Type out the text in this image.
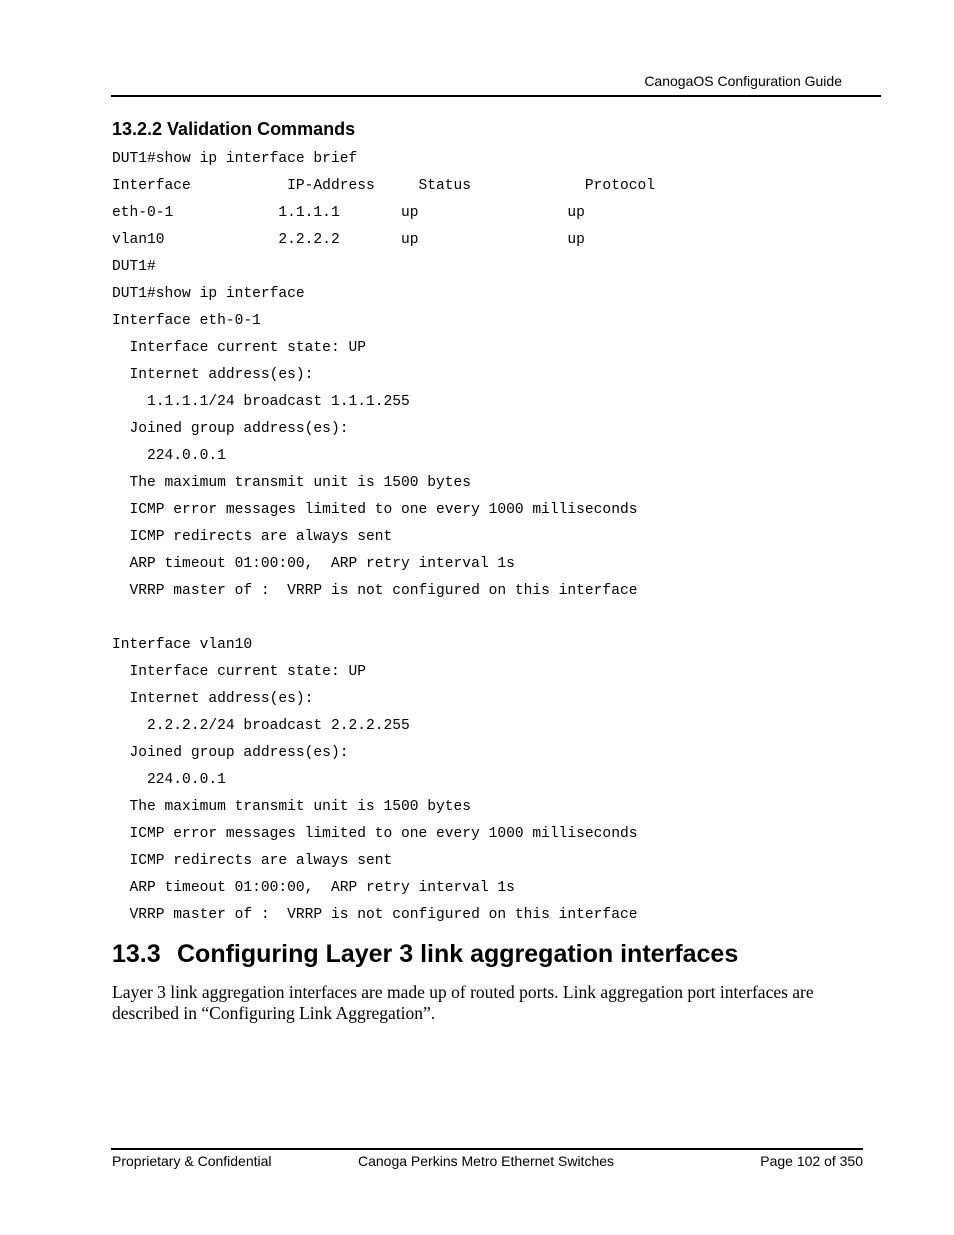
CanogaOS Configuration Guide
13.2.2 Validation Commands
DUT1#show ip interface brief
Interface           IP-Address     Status             Protocol
eth-0-1            1.1.1.1       up                 up
vlan10             2.2.2.2       up                 up
DUT1#
DUT1#show ip interface
Interface eth-0-1
Interface current state: UP
Internet address(es):
1.1.1.1/24 broadcast 1.1.1.255
Joined group address(es):
224.0.0.1
The maximum transmit unit is 1500 bytes
ICMP error messages limited to one every 1000 milliseconds
ICMP redirects are always sent
ARP timeout 01:00:00,  ARP retry interval 1s
VRRP master of :  VRRP is not configured on this interface
Interface vlan10
Interface current state: UP
Internet address(es):
2.2.2.2/24 broadcast 2.2.2.255
Joined group address(es):
224.0.0.1
The maximum transmit unit is 1500 bytes
ICMP error messages limited to one every 1000 milliseconds
ICMP redirects are always sent
ARP timeout 01:00:00,  ARP retry interval 1s
VRRP master of :  VRRP is not configured on this interface
13.3 Configuring Layer 3 link aggregation interfaces
Layer 3 link aggregation interfaces are made up of routed ports. Link aggregation port interfaces are described in “Configuring Link Aggregation”.
Proprietary & Confidential	Canoga Perkins Metro Ethernet Switches	Page 102 of 350
